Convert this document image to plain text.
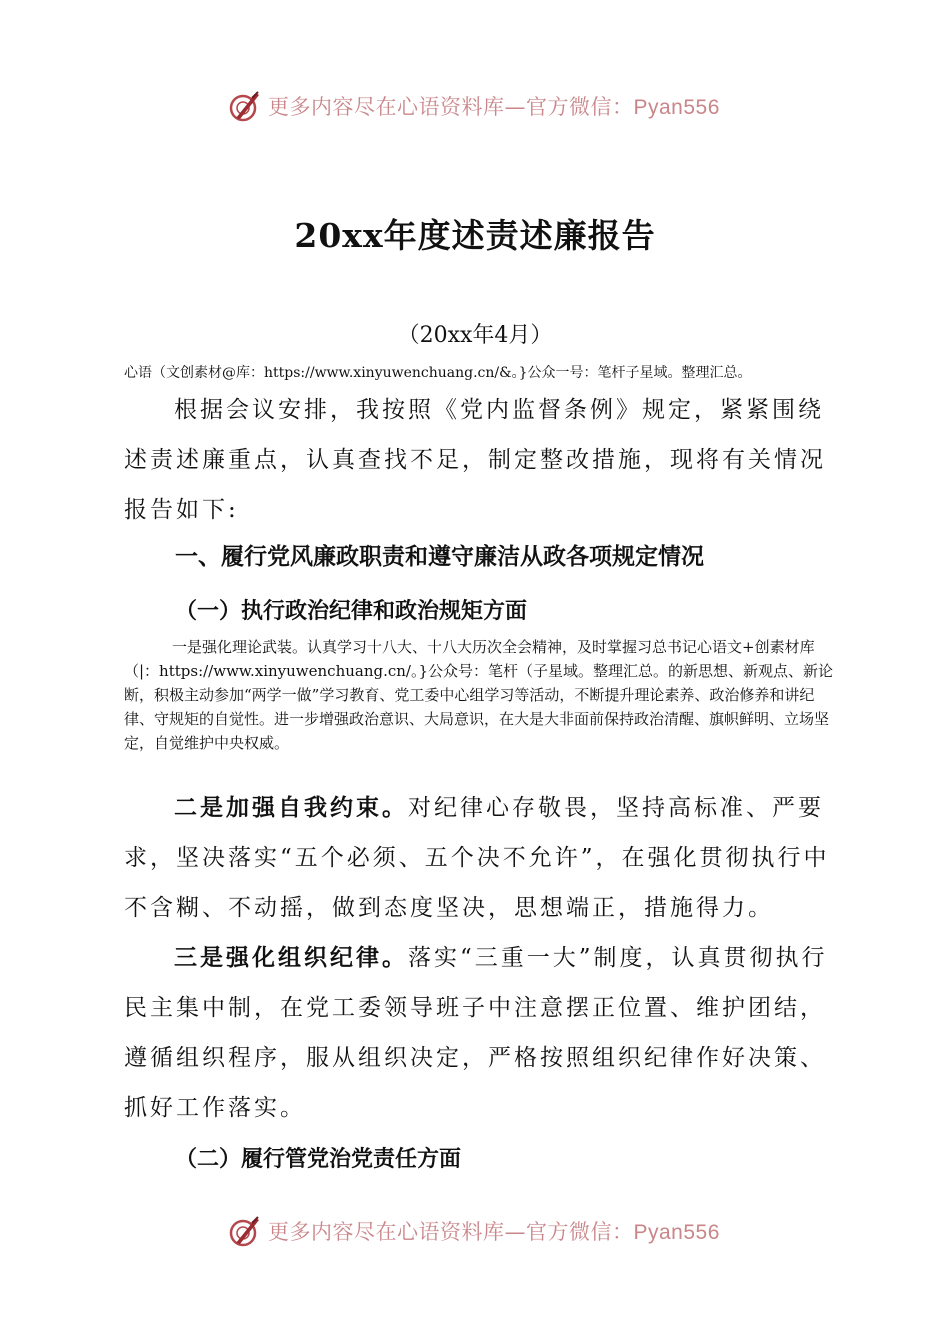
更多内容尽在心语资料库—官方微信：Pyan556
20xx年度述责述廉报告
（20xx年4月）
心语（文创素材@库：https://www.xinyuwenchuang.cn/&。}公众一号：笔杆子星域。整理汇总。
根据会议安排，我按照《党内监督条例》规定，紧紧围绕述责述廉重点，认真查找不足，制定整改措施，现将有关情况报告如下:
一、履行党风廉政职责和遵守廉洁从政各项规定情况
（一）执行政治纪律和政治规矩方面
一是强化理论武装。认真学习十八大、十八大历次全会精神，及时掌握习总书记心语文+创素材库（|：https://www.xinyuwenchuang.cn/。}公众号：笔杆（子星域。整理汇总。的新思想、新观点、新论断，积极主动参加“两学一做”学习教育、党工委中心组学习等活动，不断提升理论素养、政治修养和讲纪律、守规矩的自觉性。进一步增强政治意识、大局意识，在大是大非面前保持政治清醒、旗帜鲜明、立场坚定，自觉维护中央权威。
二是加强自我约束。对纪律心存敬畏，坚持高标准、严要求，坚决落实“五个必须、五个决不允许”，在强化贯彻执行中不含糊、不动摇，做到态度坚决，思想端正，措施得力。
三是强化组织纪律。落实“三重一大”制度，认真贯彻执行民主集中制，在党工委领导班子中注意摆正位置、维护团结，遵循组织程序，服从组织决定，严格按照组织纪律作好决策、抓好工作落实。
（二）履行管党治党责任方面
更多内容尽在心语资料库—官方微信：Pyan556
